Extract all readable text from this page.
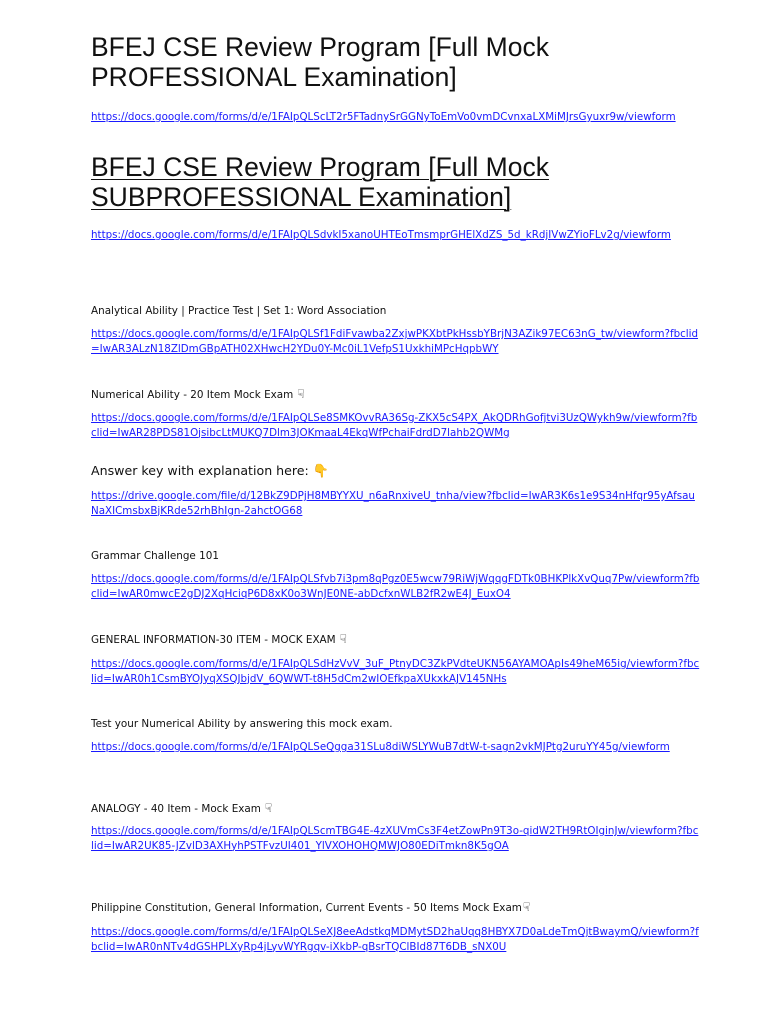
BFEJ CSE Review Program [Full Mock
PROFESSIONAL Examination]
https://docs.google.com/forms/d/e/1FAIpQLScLT2r5FTadnySrGGNyToEmVo0vmDCvnxaLXMiMJrsGyuxr9w/viewform
BFEJ CSE Review Program [Full Mock
SUBPROFESSIONAL Examination]
https://docs.google.com/forms/d/e/1FAIpQLSdvkI5xanoUHTEoTmsmprGHElXdZS_5d_kRdjIVwZYioFLv2g/viewform
Analytical Ability | Practice Test | Set 1: Word Association
https://docs.google.com/forms/d/e/1FAIpQLSf1FdiFvawba2ZxjwPKXbtPkHssbYBrjN3AZik97EC63nG_tw/viewform?fbclid=IwAR3ALzN18ZlDmGBpATH02XHwcH2YDu0Y-Mc0iL1VefpS1UxkhiMPcHqpbWY
Numerical Ability - 20 Item Mock Exam ☟
https://docs.google.com/forms/d/e/1FAIpQLSe8SMKOvvRA36Sg-ZKX5cS4PX_AkQDRhGofjtvi3UzQWykh9w/viewform?fbclid=IwAR28PDS81OjsibcLtMUKQ7Dlm3JOKmaaL4EkqWfPchaiFdrdD7lahb2QWMg
Answer key with explanation here: 👇
https://drive.google.com/file/d/12BkZ9DPjH8MBYYXU_n6aRnxiveU_tnha/view?fbclid=IwAR3K6s1e9S34nHfqr95yAfsauNaXICmsbxBjKRde52rhBhIgn-2ahctOG68
Grammar Challenge 101
https://docs.google.com/forms/d/e/1FAIpQLSfvb7i3pm8qPgz0E5wcw79RiWjWqqgFDTk0BHKPlkXvQuq7Pw/viewform?fbclid=IwAR0mwcE2gDJ2XqHciqP6D8xK0o3WnJE0NE-abDcfxnWLB2fR2wE4J_EuxO4
GENERAL INFORMATION-30 ITEM - MOCK EXAM ☟
https://docs.google.com/forms/d/e/1FAIpQLSdHzVvV_3uF_PtnyDC3ZkPVdteUKN56AYAMOApIs49heM65ig/viewform?fbclid=IwAR0h1CsmBYOJyqXSQJbjdV_6QWWT-t8H5dCm2wIOEfkpaXUkxkAJV145NHs
Test your Numerical Ability by answering this mock exam.
https://docs.google.com/forms/d/e/1FAIpQLSeQgga31SLu8diWSLYWuB7dtW-t-sagn2vkMJPtg2uruYY45g/viewform
ANALOGY - 40 Item - Mock Exam ☟
https://docs.google.com/forms/d/e/1FAIpQLScmTBG4E-4zXUVmCs3F4etZowPn9T3o-qidW2TH9RtOIginJw/viewform?fbclid=IwAR2UK85-JZvlD3AXHyhPSTFvzUI401_YlVXOHOHQMWJO80EDiTmkn8K5gOA
Philippine Constitution, General Information, Current Events - 50 Items Mock Exam☟
https://docs.google.com/forms/d/e/1FAIpQLSeXJ8eeAdstkqMDMytSD2haUqq8HBYX7D0aLdeTmQjtBwaymQ/viewform?fbclid=IwAR0nNTv4dGSHPLXyRp4jLyvWYRgqv-iXkbP-qBsrTQClBId87T6DB_sNX0U
